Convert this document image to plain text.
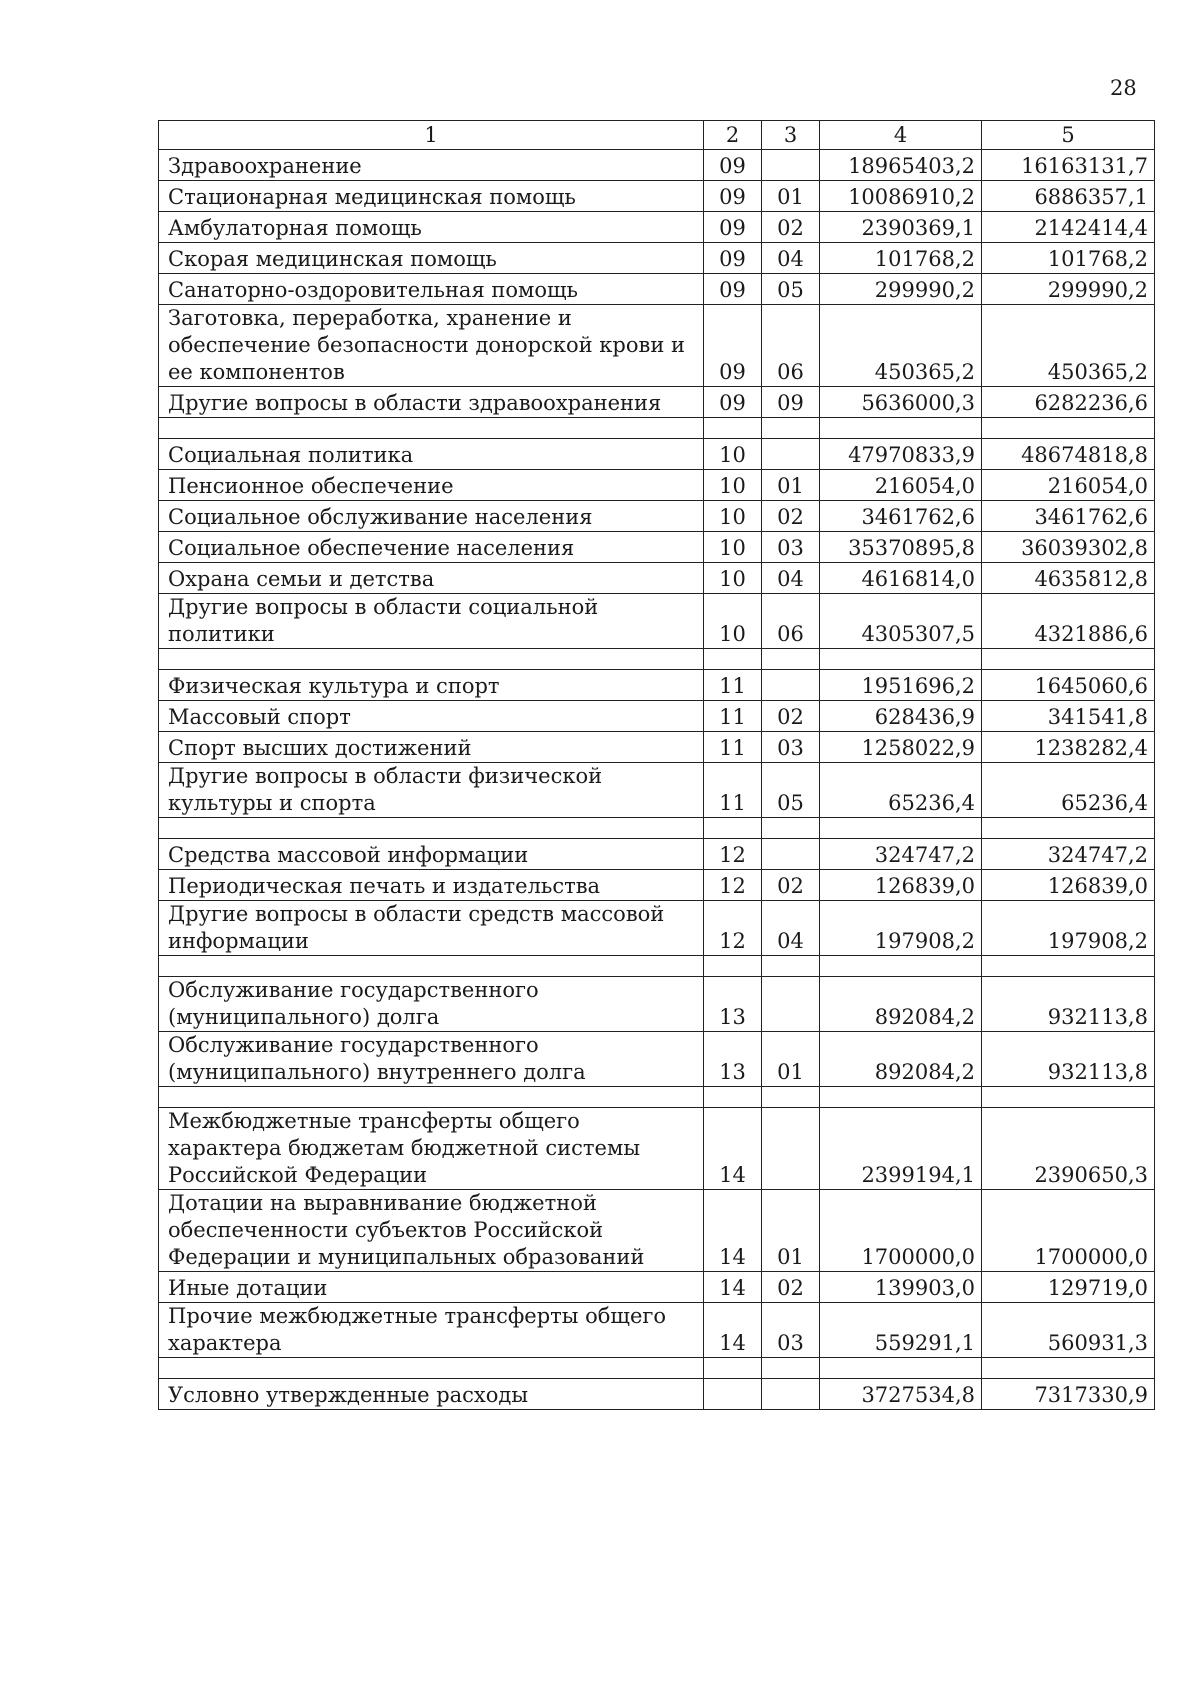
28
1	2	3	4	5
Здравоохранение	09		18965403,2	16163131,7
Стационарная медицинская помощь	09	01	10086910,2	6886357,1
Амбулаторная помощь	09	02	2390369,1	2142414,4
Скорая медицинская помощь	09	04	101768,2	101768,2
Санаторно-оздоровительная помощь	09	05	299990,2	299990,2
Заготовка, переработка, хранение и обеспечение безопасности донорской крови и ее компонентов	09	06	450365,2	450365,2
Другие вопросы в области здравоохранения	09	09	5636000,3	6282236,6

Социальная политика	10		47970833,9	48674818,8
Пенсионное обеспечение	10	01	216054,0	216054,0
Социальное обслуживание населения	10	02	3461762,6	3461762,6
Социальное обеспечение населения	10	03	35370895,8	36039302,8
Охрана семьи и детства	10	04	4616814,0	4635812,8
Другие вопросы в области социальной политики	10	06	4305307,5	4321886,6

Физическая культура и спорт	11		1951696,2	1645060,6
Массовый спорт	11	02	628436,9	341541,8
Спорт высших достижений	11	03	1258022,9	1238282,4
Другие вопросы в области физической культуры и спорта	11	05	65236,4	65236,4

Средства массовой информации	12		324747,2	324747,2
Периодическая печать и издательства	12	02	126839,0	126839,0
Другие вопросы в области средств массовой информации	12	04	197908,2	197908,2

Обслуживание государственного (муниципального) долга	13		892084,2	932113,8
Обслуживание государственного (муниципального) внутреннего долга	13	01	892084,2	932113,8

Межбюджетные трансферты общего характера бюджетам бюджетной системы Российской Федерации	14		2399194,1	2390650,3
Дотации на выравнивание бюджетной обеспеченности субъектов Российской Федерации и муниципальных образований	14	01	1700000,0	1700000,0
Иные дотации	14	02	139903,0	129719,0
Прочие межбюджетные трансферты общего характера	14	03	559291,1	560931,3

Условно утвержденные расходы			3727534,8	7317330,9
